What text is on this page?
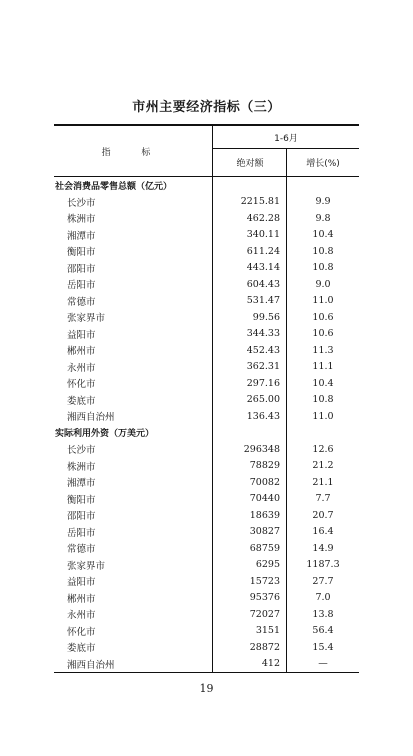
市州主要经济指标（三）
指 标
1-6月
绝对额	增长(%)
社会消费品零售总额（亿元）
长沙市	2215.81	9.9
株洲市	462.28	9.8
湘潭市	340.11	10.4
衡阳市	611.24	10.8
邵阳市	443.14	10.8
岳阳市	604.43	9.0
常德市	531.47	11.0
张家界市	99.56	10.6
益阳市	344.33	10.6
郴州市	452.43	11.3
永州市	362.31	11.1
怀化市	297.16	10.4
娄底市	265.00	10.8
湘西自治州	136.43	11.0
实际利用外资（万美元）
长沙市	296348	12.6
株洲市	78829	21.2
湘潭市	70082	21.1
衡阳市	70440	7.7
邵阳市	18639	20.7
岳阳市	30827	16.4
常德市	68759	14.9
张家界市	6295	1187.3
益阳市	15723	27.7
郴州市	95376	7.0
永州市	72027	13.8
怀化市	3151	56.4
娄底市	28872	15.4
湘西自治州	412	—
19
